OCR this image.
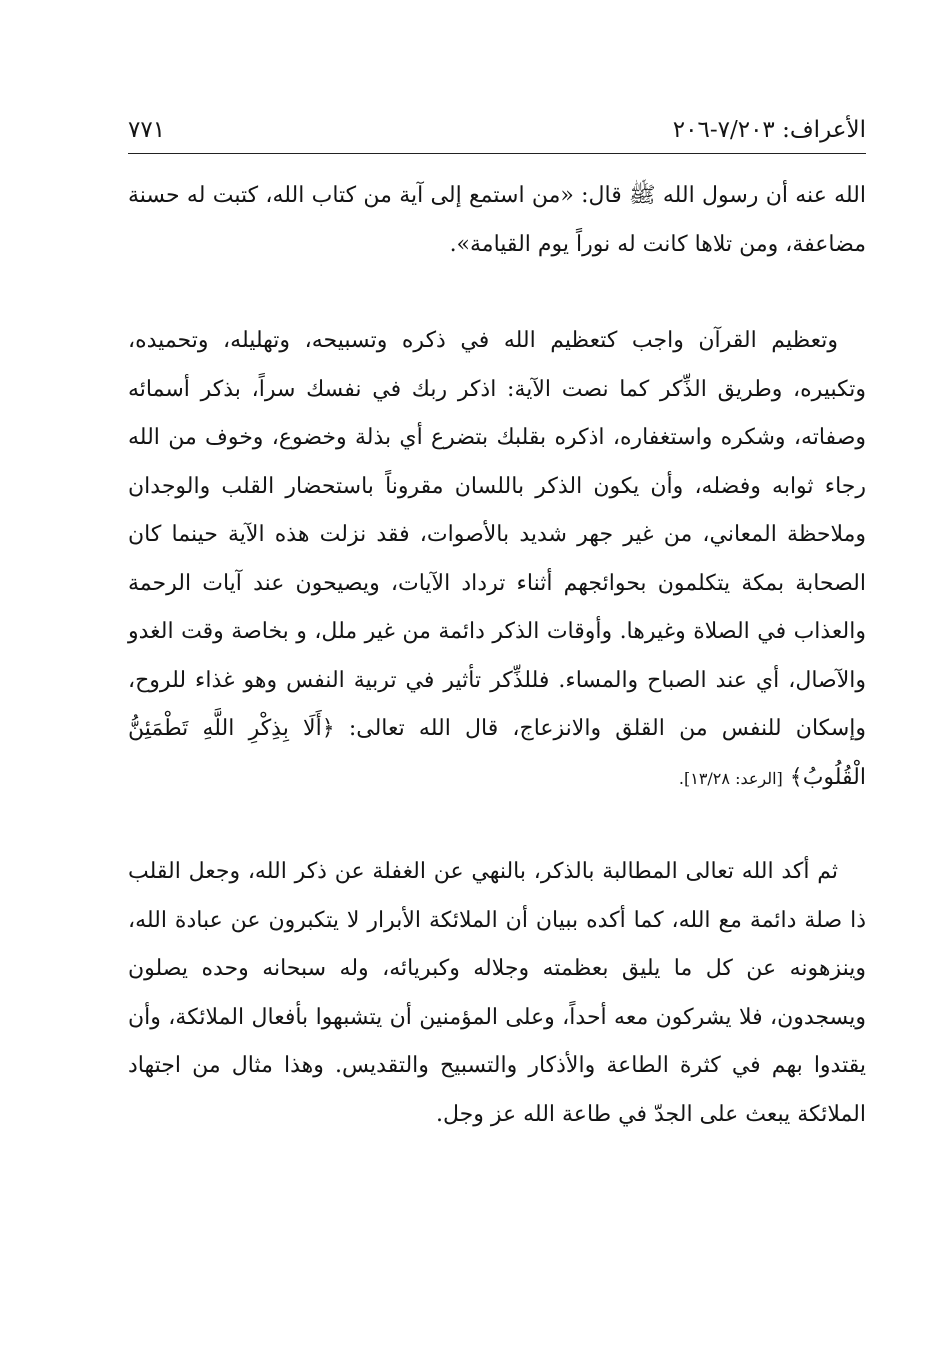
الأعراف: ٧/٢٠٣-٢٠٦
٧٧١

الله عنه أن رسول الله ﷺ قال: «من استمع إلى آية من كتاب الله، كتبت له حسنة مضاعفة، ومن تلاها كانت له نوراً يوم القيامة».

وتعظيم القرآن واجب كتعظيم الله في ذكره وتسبيحه، وتهليله، وتحميده، وتكبيره، وطريق الذِّكر كما نصت الآية: اذكر ربك في نفسك سراً، بذكر أسمائه وصفاته، وشكره واستغفاره، اذكره بقلبك بتضرع أي بذلة وخضوع، وخوف من الله رجاء ثوابه وفضله، وأن يكون الذكر باللسان مقروناً باستحضار القلب والوجدان وملاحظة المعاني، من غير جهر شديد بالأصوات، فقد نزلت هذه الآية حينما كان الصحابة بمكة يتكلمون بحوائجهم أثناء ترداد الآيات، ويصيحون عند آيات الرحمة والعذاب في الصلاة وغيرها. وأوقات الذكر دائمة من غير ملل، و بخاصة وقت الغدو والآصال، أي عند الصباح والمساء. فللذِّكر تأثير في تربية النفس وهو غذاء للروح، وإسكان للنفس من القلق والانزعاج، قال الله تعالى: ﴿أَلَا بِذِكْرِ اللَّهِ تَطْمَئِنُّ الْقُلُوبُ﴾ [الرعد: ١٣/٢٨].

ثم أكد الله تعالى المطالبة بالذكر، بالنهي عن الغفلة عن ذكر الله، وجعل القلب ذا صلة دائمة مع الله، كما أكده ببيان أن الملائكة الأبرار لا يتكبرون عن عبادة الله، وينزهونه عن كل ما يليق بعظمته وجلاله وكبريائه، وله سبحانه وحده يصلون ويسجدون، فلا يشركون معه أحداً، وعلى المؤمنين أن يتشبهوا بأفعال الملائكة، وأن يقتدوا بهم في كثرة الطاعة والأذكار والتسبيح والتقديس. وهذا مثال من اجتهاد الملائكة يبعث على الجدّ في طاعة الله عز وجل.
